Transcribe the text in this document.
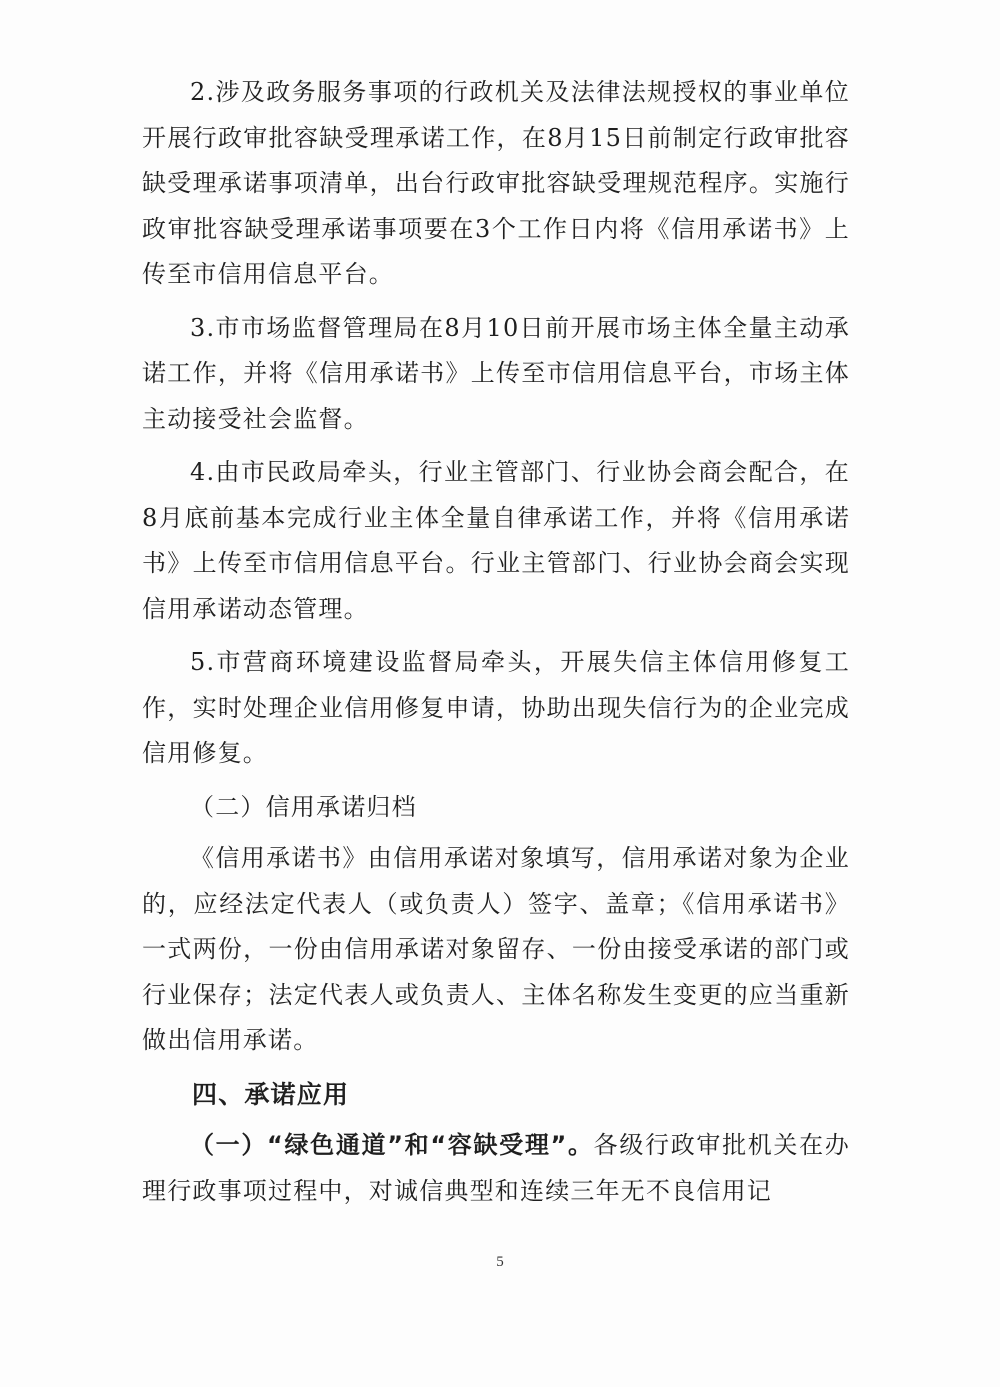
2.涉及政务服务事项的行政机关及法律法规授权的事业单位开展行政审批容缺受理承诺工作，在8月15日前制定行政审批容缺受理承诺事项清单，出台行政审批容缺受理规范程序。实施行政审批容缺受理承诺事项要在3个工作日内将《信用承诺书》上传至市信用信息平台。

3.市市场监督管理局在8月10日前开展市场主体全量主动承诺工作，并将《信用承诺书》上传至市信用信息平台，市场主体主动接受社会监督。

4.由市民政局牵头，行业主管部门、行业协会商会配合，在8月底前基本完成行业主体全量自律承诺工作，并将《信用承诺书》上传至市信用信息平台。行业主管部门、行业协会商会实现信用承诺动态管理。

5.市营商环境建设监督局牵头，开展失信主体信用修复工作，实时处理企业信用修复申请，协助出现失信行为的企业完成信用修复。

（二）信用承诺归档

《信用承诺书》由信用承诺对象填写，信用承诺对象为企业的，应经法定代表人（或负责人）签字、盖章；《信用承诺书》一式两份，一份由信用承诺对象留存、一份由接受承诺的部门或行业保存；法定代表人或负责人、主体名称发生变更的应当重新做出信用承诺。

四、承诺应用

（一）“绿色通道”和“容缺受理”。各级行政审批机关在办理行政事项过程中，对诚信典型和连续三年无不良信用记

5
